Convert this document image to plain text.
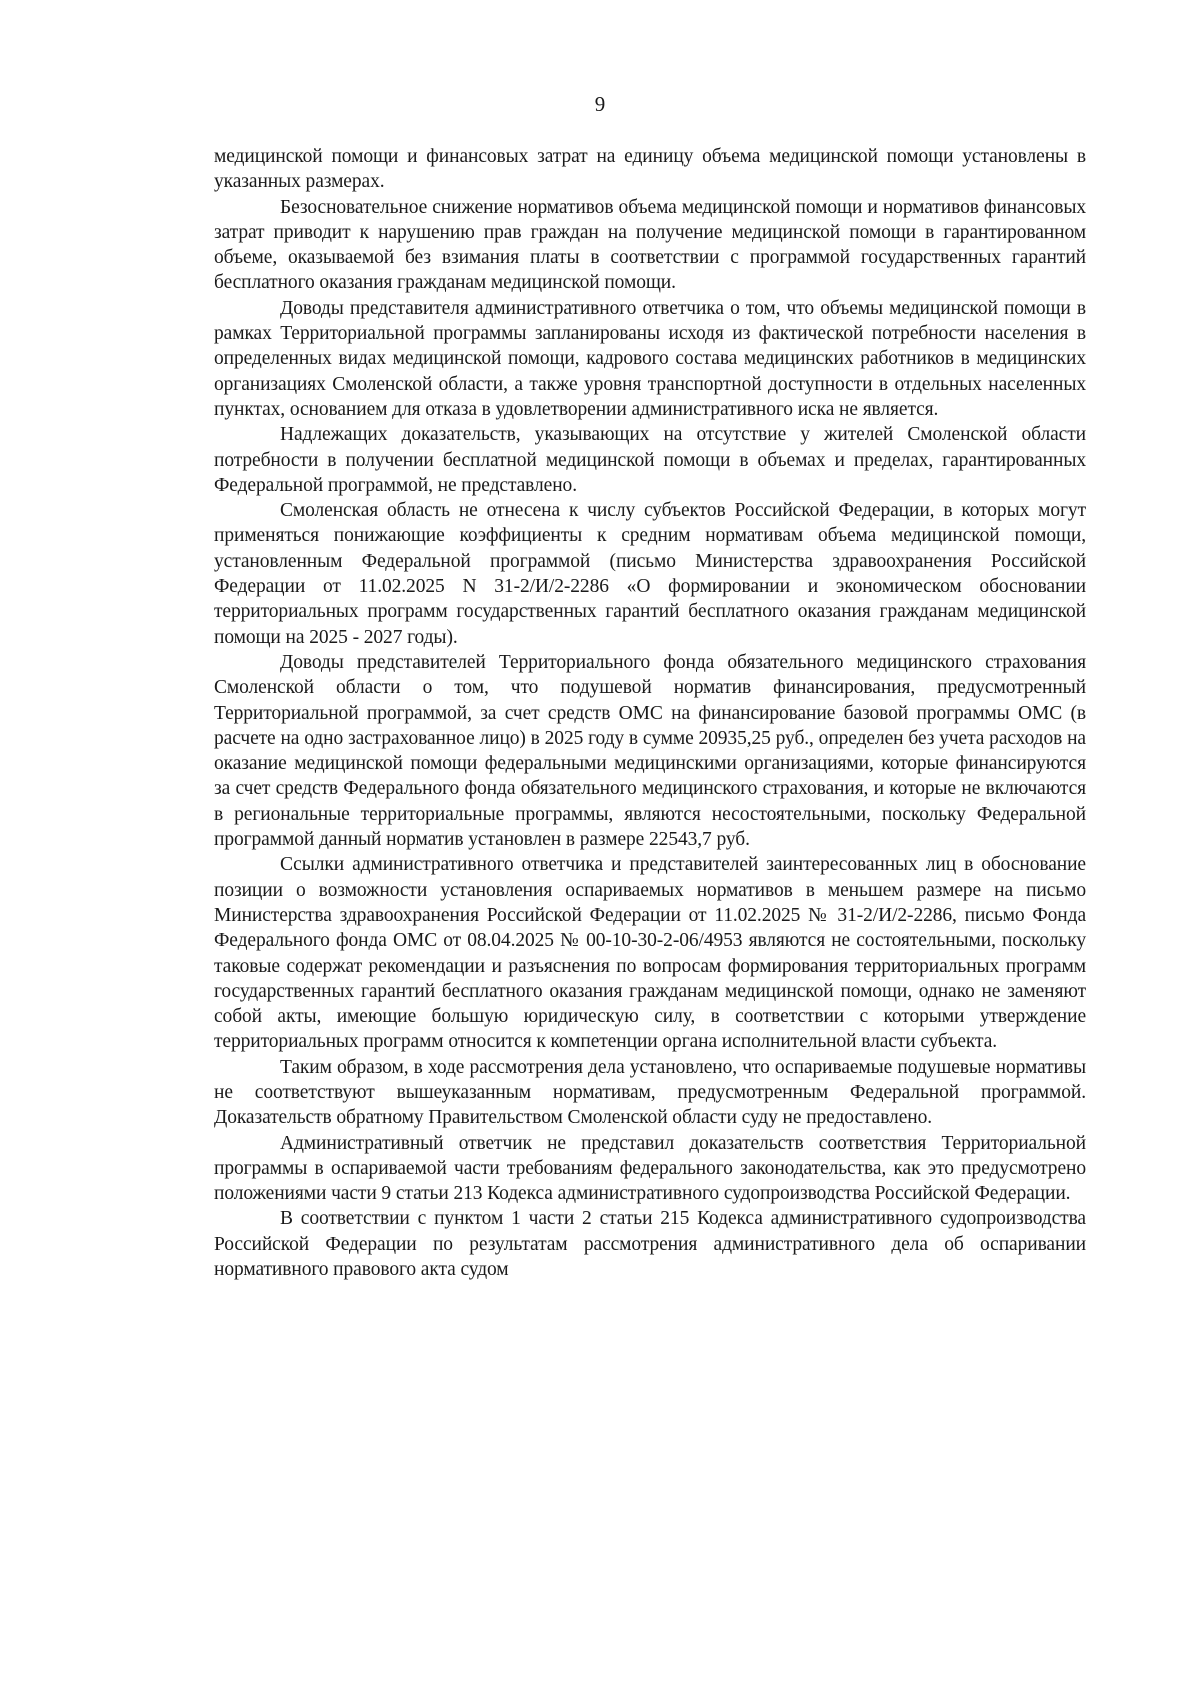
9

медицинской помощи и финансовых затрат на единицу объема медицинской помощи установлены в указанных размерах.

Безосновательное снижение нормативов объема медицинской помощи и нормативов финансовых затрат приводит к нарушению прав граждан на получение медицинской помощи в гарантированном объеме, оказываемой без взимания платы в соответствии с программой государственных гарантий бесплатного оказания гражданам медицинской помощи.

Доводы представителя административного ответчика о том, что объемы медицинской помощи в рамках Территориальной программы запланированы исходя из фактической потребности населения в определенных видах медицинской помощи, кадрового состава медицинских работников в медицинских организациях Смоленской области, а также уровня транспортной доступности в отдельных населенных пунктах, основанием для отказа в удовлетворении административного иска не является.

Надлежащих доказательств, указывающих на отсутствие у жителей Смоленской области потребности в получении бесплатной медицинской помощи в объемах и пределах, гарантированных Федеральной программой, не представлено.

Смоленская область не отнесена к числу субъектов Российской Федерации, в которых могут применяться понижающие коэффициенты к средним нормативам объема медицинской помощи, установленным Федеральной программой (письмо Министерства здравоохранения Российской Федерации от 11.02.2025 N 31-2/И/2-2286 «О формировании и экономическом обосновании территориальных программ государственных гарантий бесплатного оказания гражданам медицинской помощи на 2025 - 2027 годы).

Доводы представителей Территориального фонда обязательного медицинского страхования Смоленской области о том, что подушевой норматив финансирования, предусмотренный Территориальной программой, за счет средств ОМС на финансирование базовой программы ОМС (в расчете на одно застрахованное лицо) в 2025 году в сумме 20935,25 руб., определен без учета расходов на оказание медицинской помощи федеральными медицинскими организациями, которые финансируются за счет средств Федерального фонда обязательного медицинского страхования, и которые не включаются в региональные территориальные программы, являются несостоятельными, поскольку Федеральной программой данный норматив установлен в размере 22543,7 руб.

Ссылки административного ответчика и представителей заинтересованных лиц в обоснование позиции о возможности установления оспариваемых нормативов в меньшем размере на письмо Министерства здравоохранения Российской Федерации от 11.02.2025 № 31-2/И/2-2286, письмо Фонда Федерального фонда ОМС от 08.04.2025 № 00-10-30-2-06/4953 являются не состоятельными, поскольку таковые содержат рекомендации и разъяснения по вопросам формирования территориальных программ государственных гарантий бесплатного оказания гражданам медицинской помощи, однако не заменяют собой акты, имеющие большую юридическую силу, в соответствии с которыми утверждение территориальных программ относится к компетенции органа исполнительной власти субъекта.

Таким образом, в ходе рассмотрения дела установлено, что оспариваемые подушевые нормативы не соответствуют вышеуказанным нормативам, предусмотренным Федеральной программой. Доказательств обратному Правительством Смоленской области суду не предоставлено.

Административный ответчик не представил доказательств соответствия Территориальной программы в оспариваемой части требованиям федерального законодательства, как это предусмотрено положениями части 9 статьи 213 Кодекса административного судопроизводства Российской Федерации.

В соответствии с пунктом 1 части 2 статьи 215 Кодекса административного судопроизводства Российской Федерации по результатам рассмотрения административного дела об оспаривании нормативного правового акта судом
